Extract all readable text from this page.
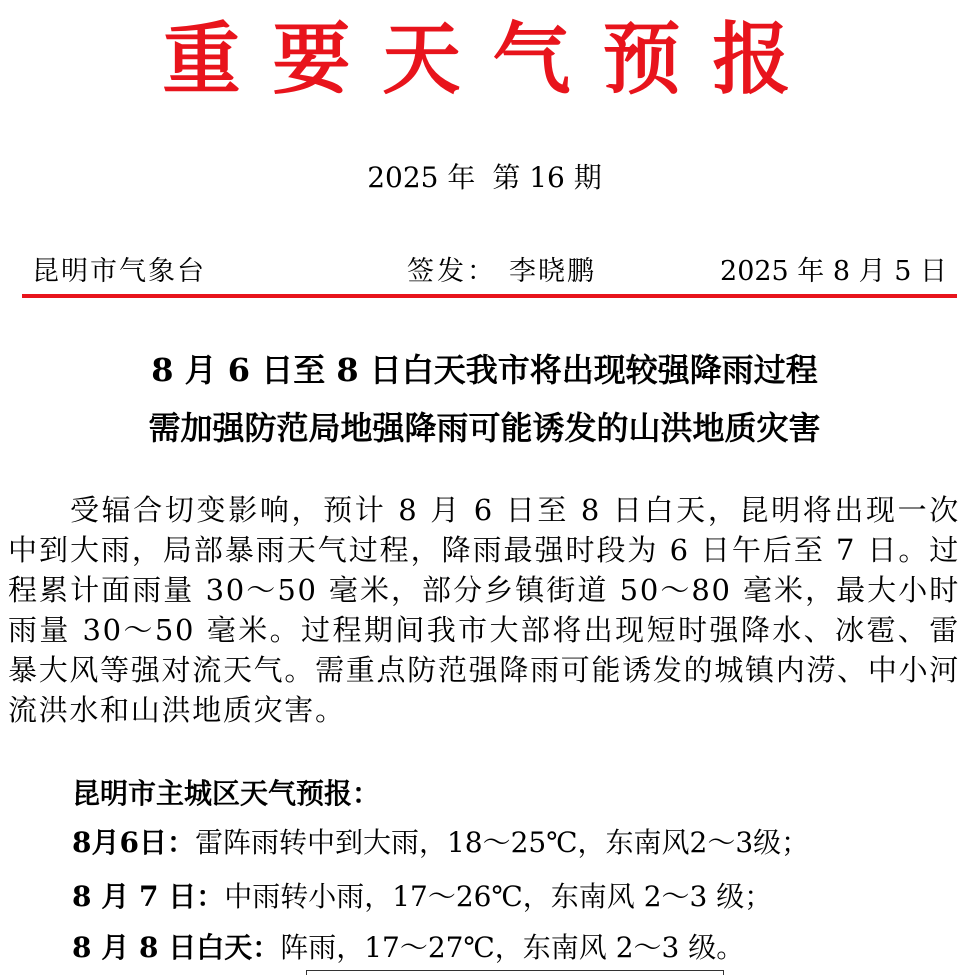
重要天气预报
2025 年 第 16 期
昆明市气象台	签发： 李晓鹏	2025 年 8 月 5 日
8 月 6 日至 8 日白天我市将出现较强降雨过程
需加强防范局地强降雨可能诱发的山洪地质灾害
受辐合切变影响，预计 8 月 6 日至 8 日白天，昆明将出现一次中到大雨，局部暴雨天气过程，降雨最强时段为 6 日午后至 7 日。过程累计面雨量 30～50 毫米，部分乡镇街道 50～80 毫米，最大小时雨量 30～50 毫米。过程期间我市大部将出现短时强降水、冰雹、雷暴大风等强对流天气。需重点防范强降雨可能诱发的城镇内涝、中小河流洪水和山洪地质灾害。
昆明市主城区天气预报：
8月6日：雷阵雨转中到大雨，18～25℃，东南风2～3级；
8 月 7 日：中雨转小雨，17～26℃，东南风 2～3 级；
8 月 8 日白天：阵雨，17～27℃，东南风 2～3 级。
